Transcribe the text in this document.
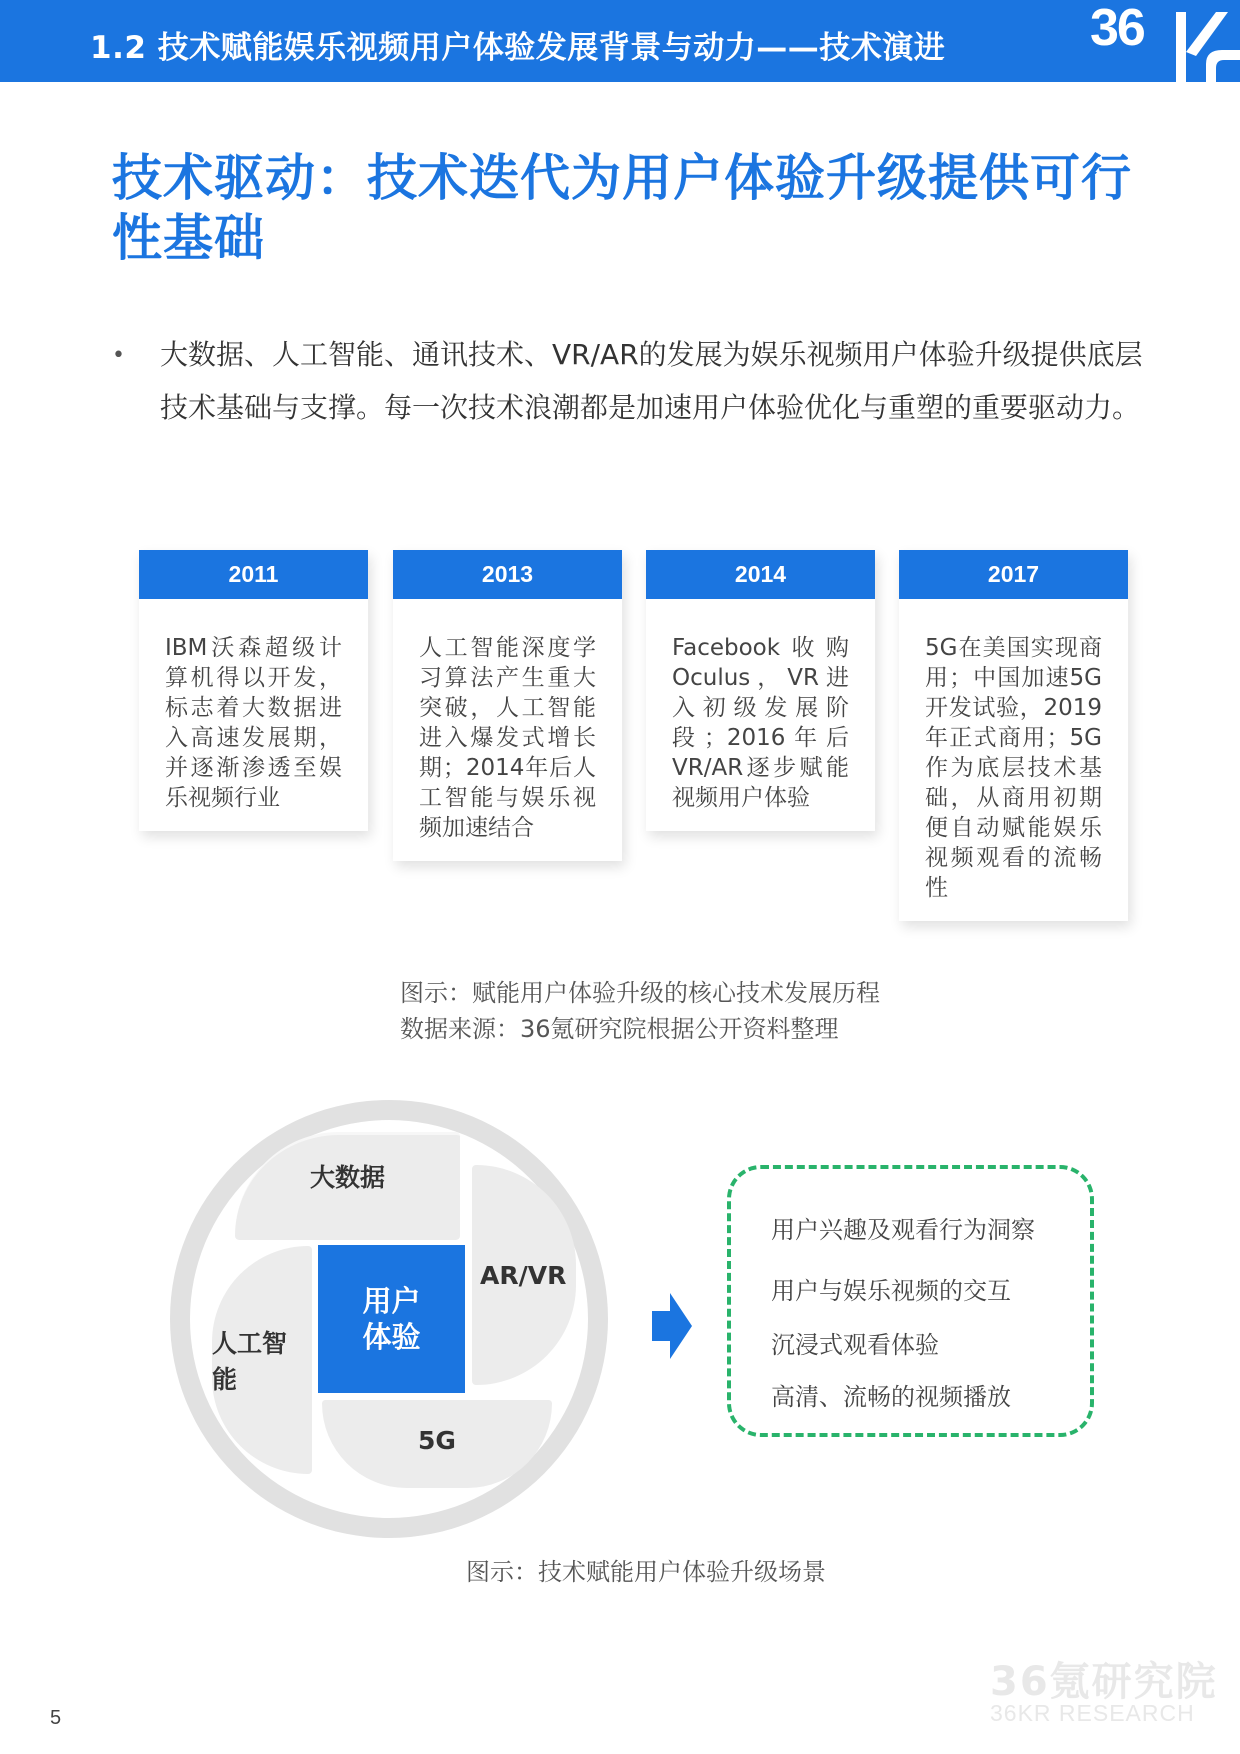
1.2 技术赋能娱乐视频用户体验发展背景与动力——技术演进	36
技术驱动：技术迭代为用户体验升级提供可行性基础
• 大数据、人工智能、通讯技术、VR/AR的发展为娱乐视频用户体验升级提供底层技术基础与支撑。每一次技术浪潮都是加速用户体验优化与重塑的重要驱动力。
2011
IBM沃森超级计算机得以开发，标志着大数据进入高速发展期，并逐渐渗透至娱乐视频行业
2013
人工智能深度学习算法产生重大突破，人工智能进入爆发式增长期；2014年后人工智能与娱乐视频加速结合
2014
Facebook收购Oculus，VR进入初级发展阶段；2016年后VR/AR逐步赋能视频用户体验
2017
5G在美国实现商用；中国加速5G开发试验，2019年正式商用；5G作为底层技术基础，从商用初期便自动赋能娱乐视频观看的流畅性
图示：赋能用户体验升级的核心技术发展历程
数据来源：36氪研究院根据公开资料整理
大数据
人工智能
AR/VR
5G
用户
体验
用户兴趣及观看行为洞察
用户与娱乐视频的交互
沉浸式观看体验
高清、流畅的视频播放
图示：技术赋能用户体验升级场景
36氪研究院
36KR RESEARCH
5
